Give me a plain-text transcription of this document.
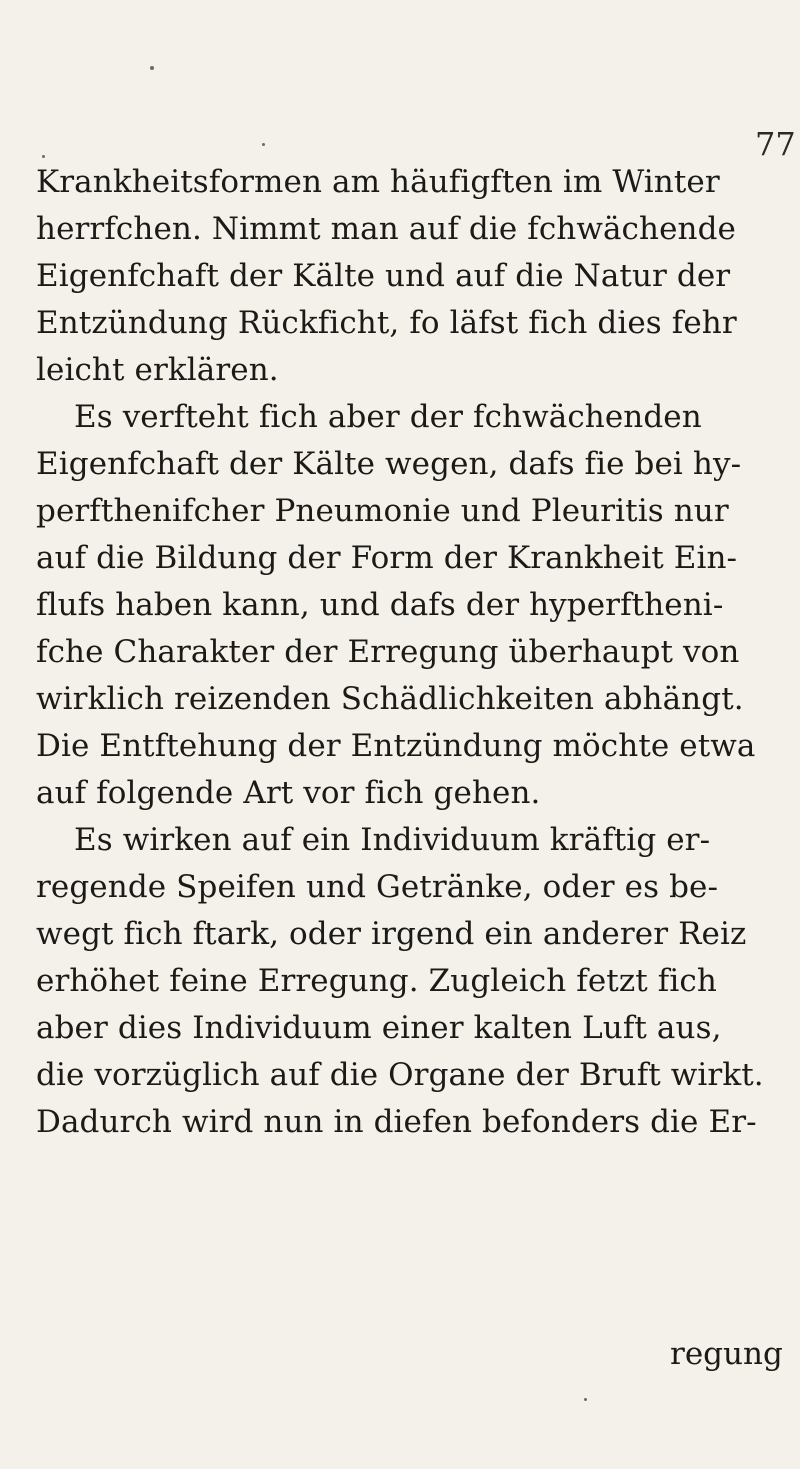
77
Krankheitsformen am häufigften im Winter
herrfchen. Nimmt man auf die fchwächende
Eigenfchaft der Kälte und auf die Natur der
Entzündung Rückficht, fo läfst fich dies fehr
leicht erklären.
Es verfteht fich aber der fchwächenden
Eigenfchaft der Kälte wegen, dafs fie bei hy-
perfthenifcher Pneumonie und Pleuritis nur
auf die Bildung der Form der Krankheit Ein-
flufs haben kann, und dafs der hyperfthenі-
fche Charakter der Erregung überhaupt von
wirklich reizenden Schädlichkeiten abhängt.
Die Entftehung der Entzündung möchte etwa
auf folgende Art vor fich gehen.
Es wirken auf ein Individuum kräftig er-
regende Speifen und Getränke, oder es be-
wegt fich ftark, oder irgend ein anderer Reiz
erhöhet feine Erregung. Zugleich fetzt fich
aber dies Individuum einer kalten Luft aus,
die vorzüglich auf die Organe der Bruft wirkt.
Dadurch wird nun in diefen befonders die Er-
regung
